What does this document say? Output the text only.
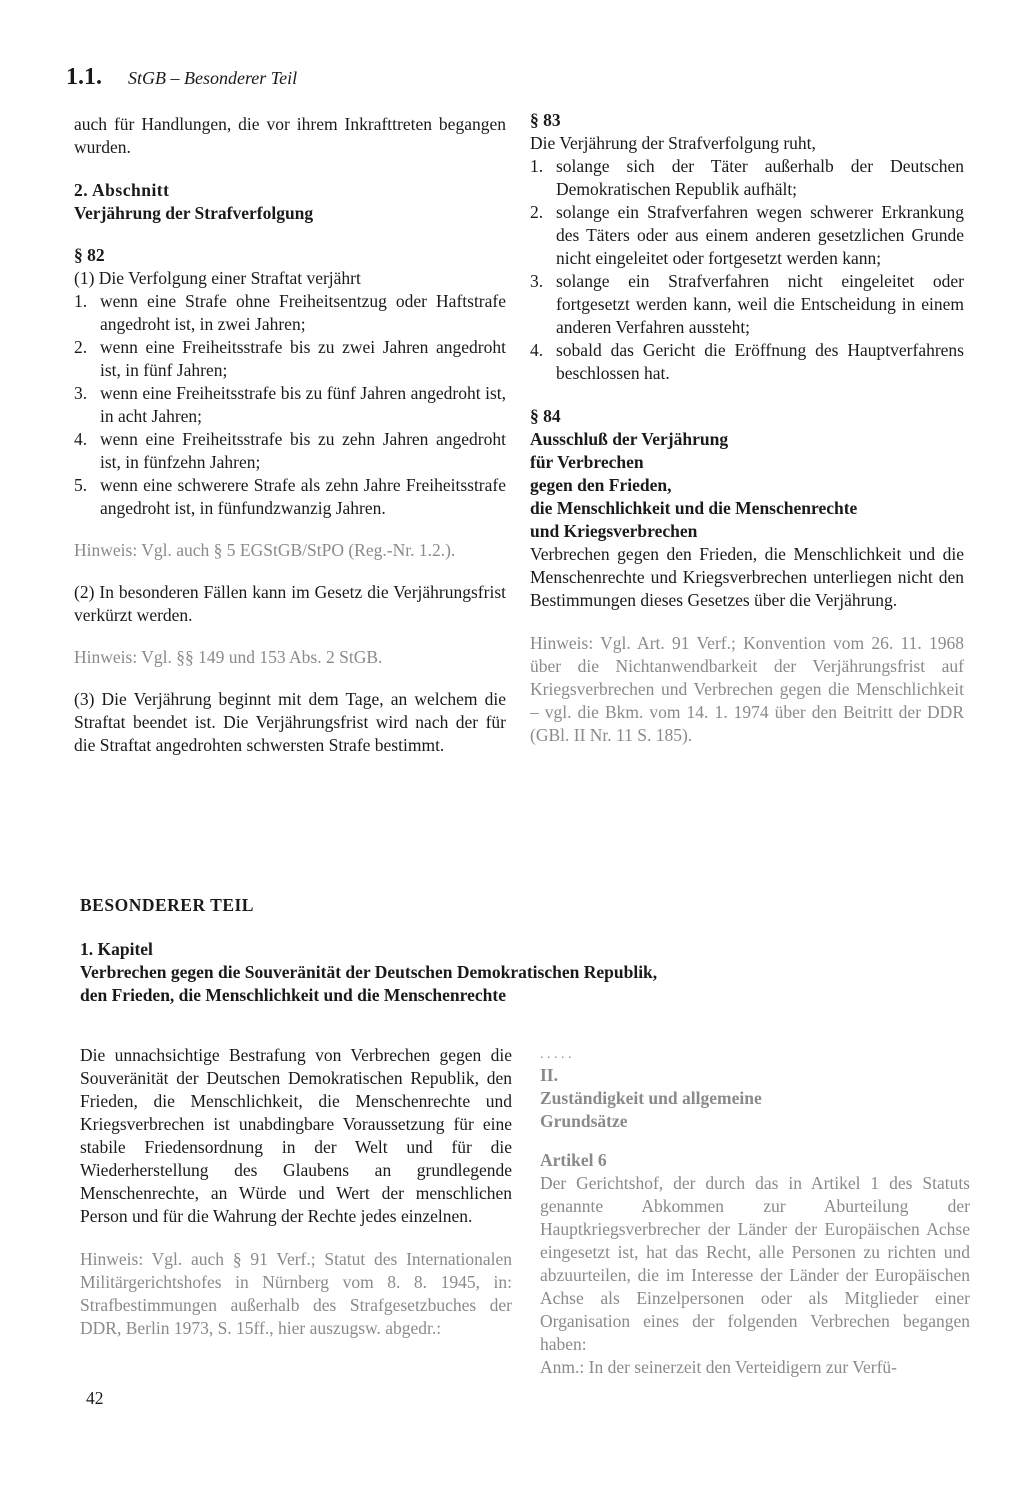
1.1. StGB – Besonderer Teil

auch für Handlungen, die vor ihrem Inkrafttreten begangen wurden.

2. Abschnitt
Verjährung der Strafverfolgung
§ 82

(1) Die Verfolgung einer Straftat verjährt

1. wenn eine Strafe ohne Freiheitsentzug oder Haftstrafe angedroht ist, in zwei Jahren;
2. wenn eine Freiheitsstrafe bis zu zwei Jahren angedroht ist, in fünf Jahren;
3. wenn eine Freiheitsstrafe bis zu fünf Jahren angedroht ist, in acht Jahren;
4. wenn eine Freiheitsstrafe bis zu zehn Jahren angedroht ist, in fünfzehn Jahren;
5. wenn eine schwerere Strafe als zehn Jahre Freiheitsstrafe angedroht ist, in fünfundzwanzig Jahren.

Hinweis: Vgl. auch § 5 EGStGB/StPO (Reg.-Nr. 1.2.).

(2) In besonderen Fällen kann im Gesetz die Verjährungsfrist verkürzt werden.

Hinweis: Vgl. §§ 149 und 153 Abs. 2 StGB.

(3) Die Verjährung beginnt mit dem Tage, an welchem die Straftat beendet ist. Die Verjährungsfrist wird nach der für die Straftat angedrohten schwersten Strafe bestimmt.

§ 83

Die Verjährung der Strafverfolgung ruht,

1. solange sich der Täter außerhalb der Deutschen Demokratischen Republik aufhält;
2. solange ein Strafverfahren wegen schwerer Erkrankung des Täters oder aus einem anderen gesetzlichen Grunde nicht eingeleitet oder fortgesetzt werden kann;
3. solange ein Strafverfahren nicht eingeleitet oder fortgesetzt werden kann, weil die Entscheidung in einem anderen Verfahren aussteht;
4. sobald das Gericht die Eröffnung des Hauptverfahrens beschlossen hat.
§ 84
Ausschluß der Verjährung
für Verbrechen
gegen den Frieden,
die Menschlichkeit und die Menschenrechte
und Kriegsverbrechen

Verbrechen gegen den Frieden, die Menschlichkeit und die Menschenrechte und Kriegsverbrechen unterliegen nicht den Bestimmungen dieses Gesetzes über die Verjährung.

Hinweis: Vgl. Art. 91 Verf.; Konvention vom 26. 11. 1968 über die Nichtanwendbarkeit der Verjährungsfrist auf Kriegsverbrechen und Verbrechen gegen die Menschlichkeit – vgl. die Bkm. vom 14. 1. 1974 über den Beitritt der DDR (GBl. II Nr. 11 S. 185).

BESONDERER TEIL
1. Kapitel
Verbrechen gegen die Souveränität der Deutschen Demokratischen Republik,
den Frieden, die Menschlichkeit und die Menschenrechte

Die unnachsichtige Bestrafung von Verbrechen gegen die Souveränität der Deutschen Demokratischen Republik, den Frieden, die Menschlichkeit, die Menschenrechte und Kriegsverbrechen ist unabdingbare Voraussetzung für eine stabile Friedensordnung in der Welt und für die Wiederherstellung des Glaubens an grundlegende Menschenrechte, an Würde und Wert der menschlichen Person und für die Wahrung der Rechte jedes einzelnen.

Hinweis: Vgl. auch § 91 Verf.; Statut des Internationalen Militärgerichtshofes in Nürnberg vom 8. 8. 1945, in: Strafbestimmungen außerhalb des Strafgesetzbuches der DDR, Berlin 1973, S. 15ff., hier auszugsw. abgedr.:

. . . . .
II.
Zuständigkeit und allgemeine
Grundsätze
Artikel 6

Der Gerichtshof, der durch das in Artikel 1 des Statuts genannte Abkommen zur Aburteilung der Hauptkriegsverbrecher der Länder der Europäischen Achse eingesetzt ist, hat das Recht, alle Personen zu richten und abzuurteilen, die im Interesse der Länder der Europäischen Achse als Einzelpersonen oder als Mitglieder einer Organisation eines der folgenden Verbrechen begangen haben:

Anm.: In der seinerzeit den Verteidigern zur Verfü-

42
